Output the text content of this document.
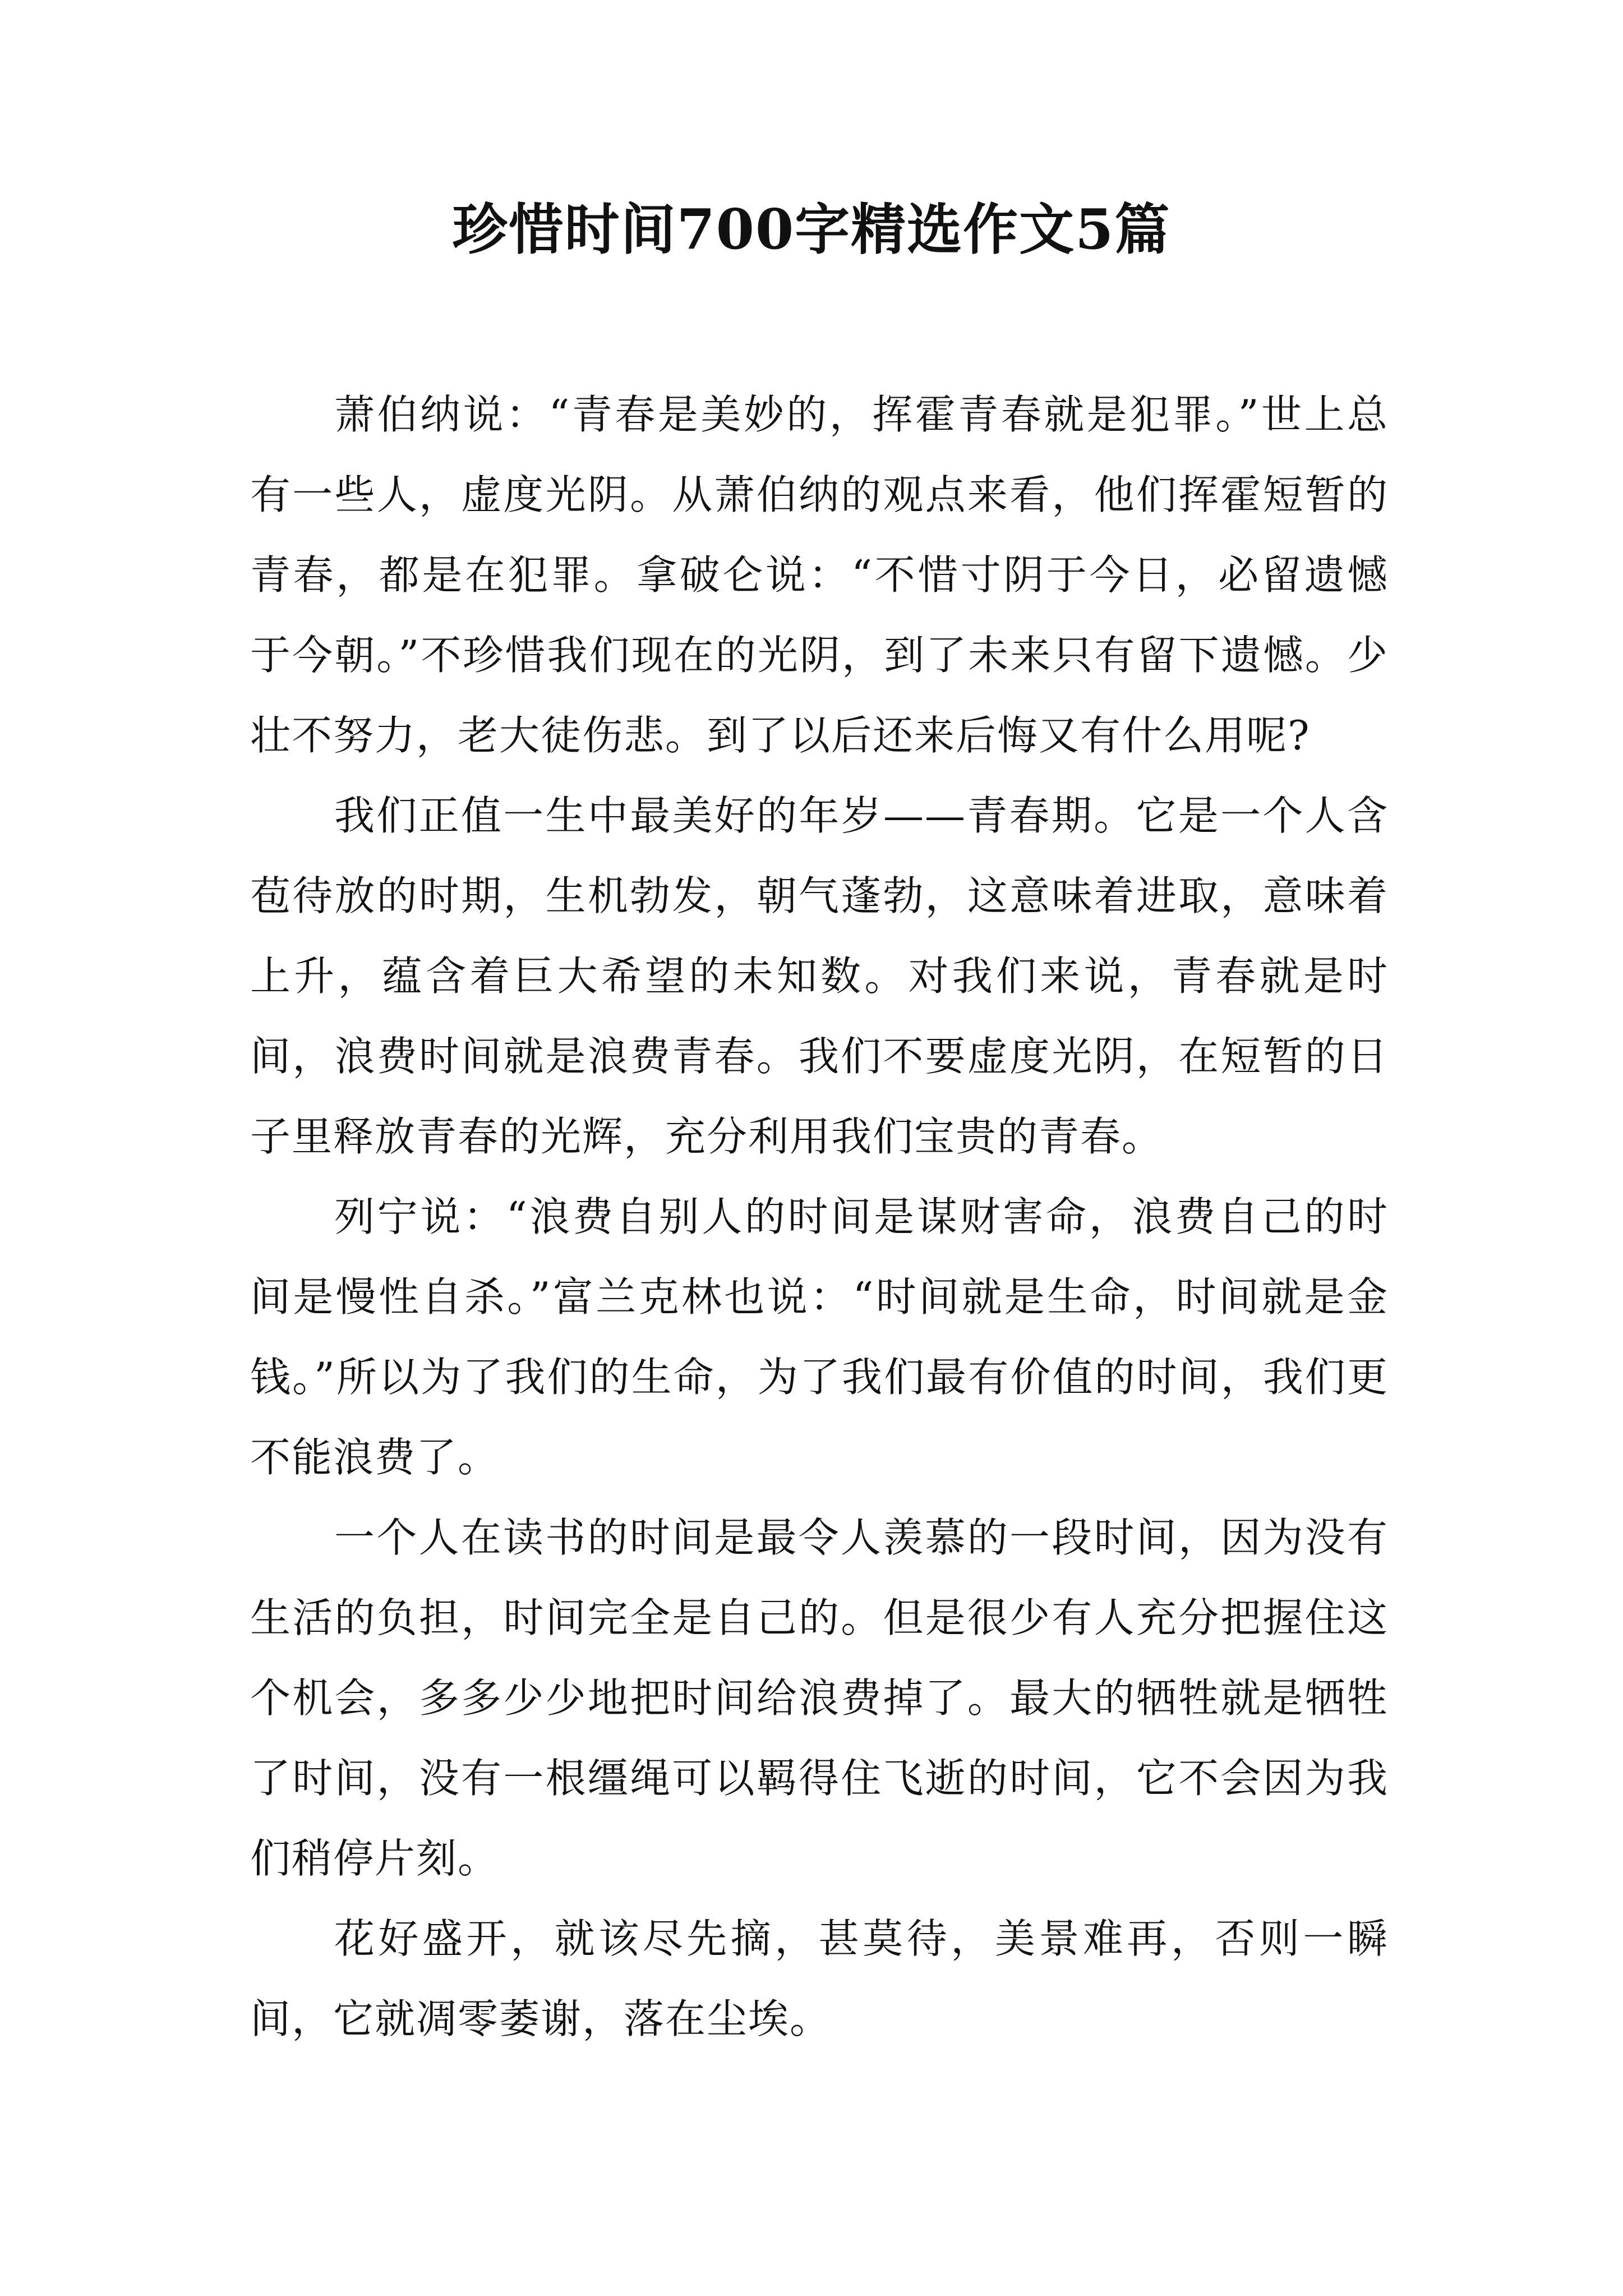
珍惜时间700字精选作文5篇

萧伯纳说：“青春是美妙的，挥霍青春就是犯罪。”世上总有一些人，虚度光阴。从萧伯纳的观点来看，他们挥霍短暂的青春，都是在犯罪。拿破仑说：“不惜寸阴于今日，必留遗憾于今朝。”不珍惜我们现在的光阴，到了未来只有留下遗憾。少壮不努力，老大徒伤悲。到了以后还来后悔又有什么用呢?

我们正值一生中最美好的年岁——青春期。它是一个人含苞待放的时期，生机勃发，朝气蓬勃，这意味着进取，意味着上升，蕴含着巨大希望的未知数。对我们来说，青春就是时间，浪费时间就是浪费青春。我们不要虚度光阴，在短暂的日子里释放青春的光辉，充分利用我们宝贵的青春。

列宁说：“浪费自别人的时间是谋财害命，浪费自己的时间是慢性自杀。”富兰克林也说：“时间就是生命，时间就是金钱。”所以为了我们的生命，为了我们最有价值的时间，我们更不能浪费了。

一个人在读书的时间是最令人羡慕的一段时间，因为没有生活的负担，时间完全是自己的。但是很少有人充分把握住这个机会，多多少少地把时间给浪费掉了。最大的牺牲就是牺牲了时间，没有一根缰绳可以羁得住飞逝的时间，它不会因为我们稍停片刻。

花好盛开，就该尽先摘，甚莫待，美景难再，否则一瞬间，它就凋零萎谢，落在尘埃。
